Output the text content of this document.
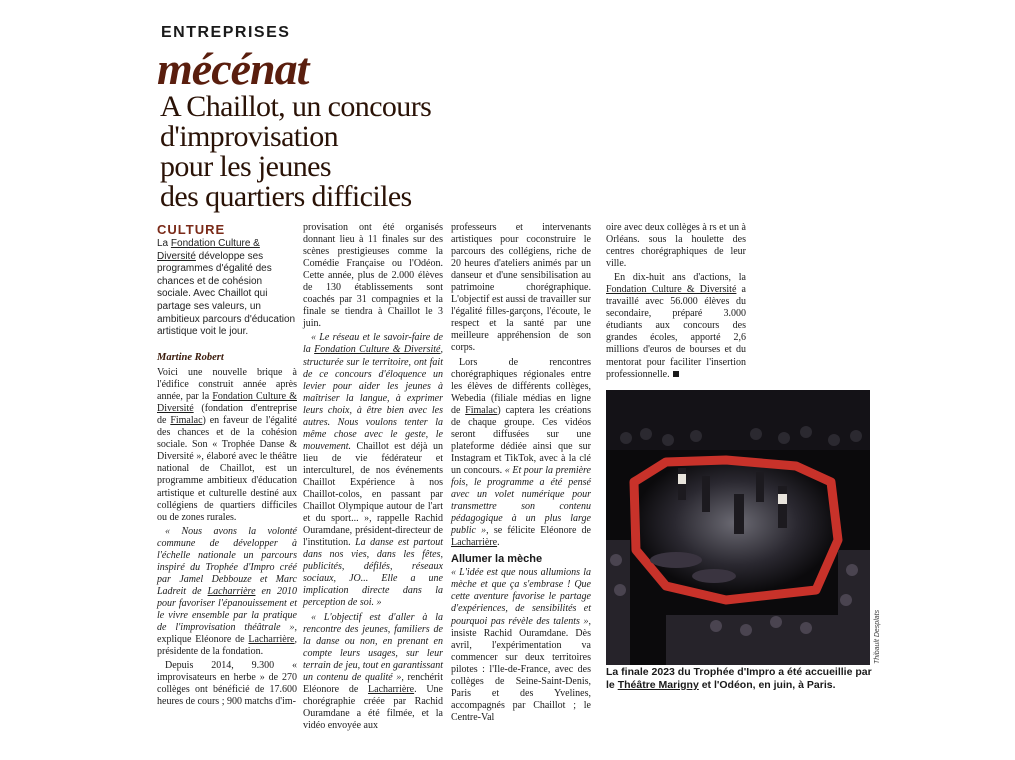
ENTREPRISES
mécénat
A Chaillot, un concours
d'improvisation
pour les jeunes
des quartiers difficiles
CULTURE
La Fondation Culture & Diversité développe ses programmes d'égalité des chances et de cohésion sociale. Avec Chaillot qui partage ses valeurs, un ambitieux parcours d'éducation artistique voit le jour.
Martine Robert

Voici une nouvelle brique à l'édifice construit année après année, par la Fondation Culture & Diversité (fondation d'entreprise de Fimalac) en faveur de l'égalité des chances et de la cohésion sociale. Son « Trophée Danse & Diversité », élaboré avec le théâtre national de Chaillot, est un programme ambitieux d'éducation artistique et culturelle destiné aux collégiens de quartiers difficiles ou de zones rurales.

« Nous avons la volonté commune de développer à l'échelle nationale un parcours inspiré du Trophée d'Impro créé par Jamel Debbouze et Marc Ladreit de Lacharrière en 2010 pour favoriser l'épanouissement et le vivre ensemble par la pratique de l'improvisation théâtrale », explique Eléonore de Lacharrière, présidente de la fondation.

Depuis 2014, 9.300 « improvisateurs en herbe » de 270 collèges ont bénéficié de 17.600 heures de cours ; 900 matchs d'im-

provisation ont été organisés donnant lieu à 11 finales sur des scènes prestigieuses comme la Comédie Française ou l'Odéon. Cette année, plus de 2.000 élèves de 130 établissements sont coachés par 31 compagnies et la finale se tiendra à Chaillot le 3 juin.

« Le réseau et le savoir-faire de la Fondation Culture & Diversité, structurée sur le territoire, ont fait de ce concours d'éloquence un levier pour aider les jeunes à maîtriser la langue, à exprimer leurs choix, à être bien avec les autres. Nous voulons tenter la même chose avec le geste, le mouvement. Chaillot est déjà un lieu de vie fédérateur et interculturel, de nos événements Chaillot Expérience à nos Chaillot-colos, en passant par Chaillot Olympique autour de l'art et du sport... », rappelle Rachid Ouramdane, président-directeur de l'institution. La danse est partout dans nos vies, dans les fêtes, publicités, défilés, réseaux sociaux, JO... Elle a une implication directe dans la perception de soi. »

« L'objectif est d'aller à la rencontre des jeunes, familiers de la danse ou non, en prenant en compte leurs usages, sur leur terrain de jeu, tout en garantissant un contenu de qualité », renchérit Eléonore de Lacharrière. Une chorégraphie créée par Rachid Ouramdane a été filmée, et la vidéo envoyée aux

professeurs et intervenants artistiques pour coconstruire le parcours des collégiens, riche de 20 heures d'ateliers animés par un danseur et d'une sensibilisation au patrimoine chorégraphique. L'objectif est aussi de travailler sur l'égalité filles-garçons, l'écoute, le respect et la santé par une meilleure appréhension de son corps.

Lors de rencontres chorégraphiques régionales entre les élèves de différents collèges, Webedia (filiale médias en ligne de Fimalac) captera les créations de chaque groupe. Ces vidéos seront diffusées sur une plateforme dédiée ainsi que sur Instagram et TikTok, avec à la clé un concours. « Et pour la première fois, le programme a été pensé avec un volet numérique pour transmettre son contenu pédagogique à un plus large public », se félicite Eléonore de Lacharrière.

Allumer la mèche

« L'idée est que nous allumions la mèche et que ça s'embrase ! Que cette aventure favorise le partage d'expériences, de sensibilités et pourquoi pas révèle des talents », insiste Rachid Ouramdane. Dès avril, l'expérimentation va commencer sur deux territoires pilotes : l'Ile-de-France, avec des collèges de Seine-Saint-Denis, Paris et des Yvelines, accompagnés par Chaillot ; le Centre-Val

oire avec deux collèges à rs et un à Orléans. sous la houlette des centres chorégraphiques de leur ville.

En dix-huit ans d'actions, la Fondation Culture & Diversité a travaillé avec 56.000 élèves du secondaire, préparé 3.000 étudiants aux concours des grandes écoles, apporté 2,6 millions d'euros de bourses et du mentorat pour faciliter l'insertion professionnelle.

Thibault Desplats
La finale 2023 du Trophée d'Impro a été accueillie par le Théâtre Marigny et l'Odéon, en juin, à Paris.
